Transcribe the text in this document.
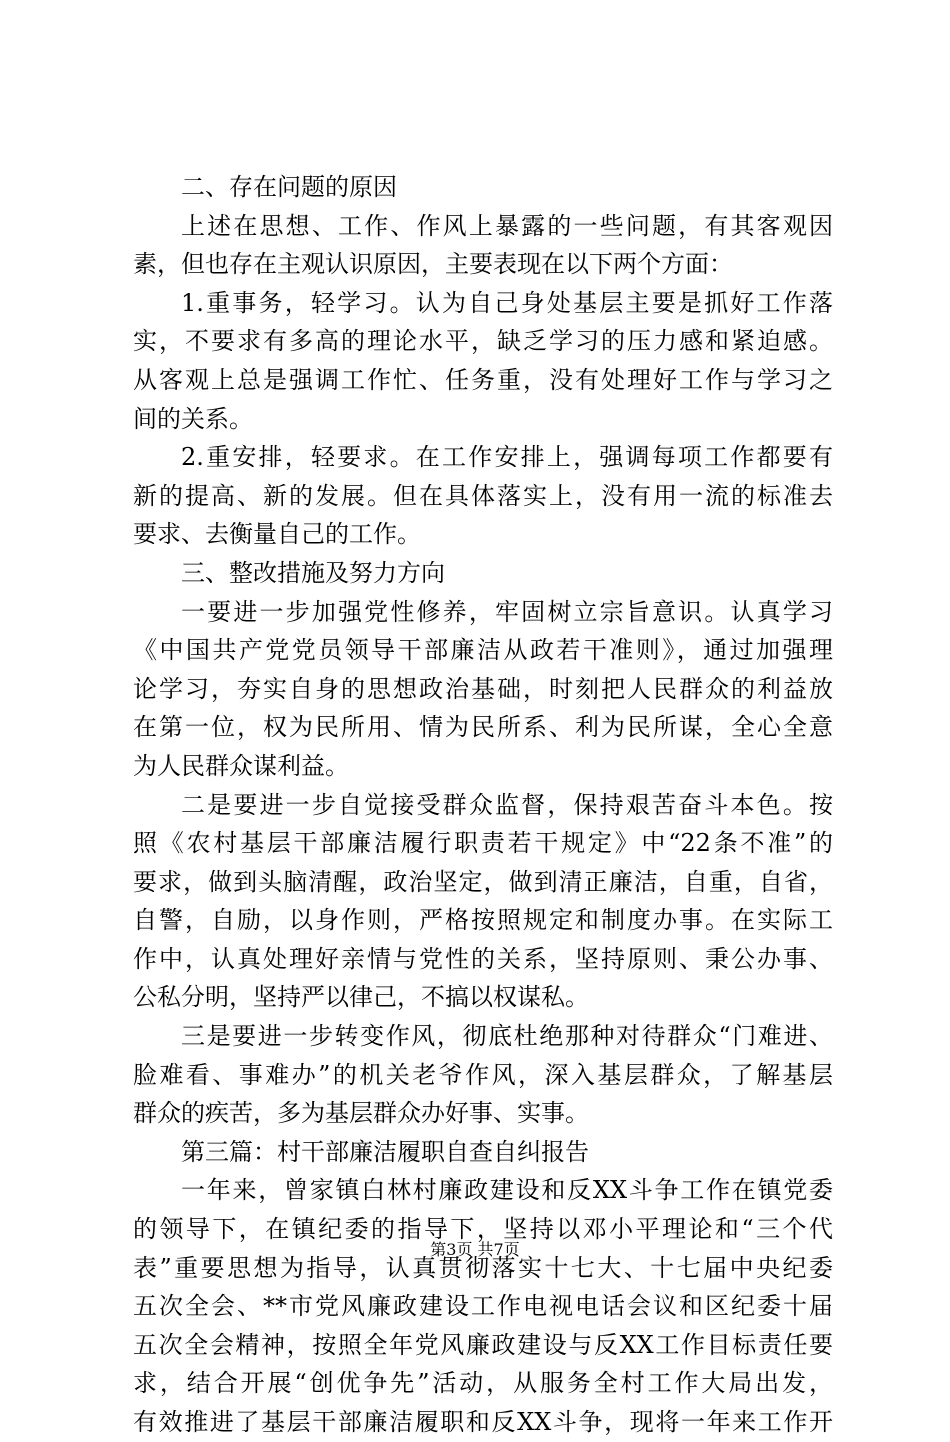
二、存在问题的原因
上述在思想、工作、作风上暴露的一些问题，有其客观因
素，但也存在主观认识原因，主要表现在以下两个方面：
1.重事务，轻学习。认为自己身处基层主要是抓好工作落
实，不要求有多高的理论水平，缺乏学习的压力感和紧迫感。
从客观上总是强调工作忙、任务重，没有处理好工作与学习之
间的关系。
2.重安排，轻要求。在工作安排上，强调每项工作都要有
新的提高、新的发展。但在具体落实上，没有用一流的标准去
要求、去衡量自己的工作。
三、整改措施及努力方向
一要进一步加强党性修养，牢固树立宗旨意识。认真学习
《中国共产党党员领导干部廉洁从政若干准则》，通过加强理
论学习，夯实自身的思想政治基础，时刻把人民群众的利益放
在第一位，权为民所用、情为民所系、利为民所谋，全心全意
为人民群众谋利益。
二是要进一步自觉接受群众监督，保持艰苦奋斗本色。按
照《农村基层干部廉洁履行职责若干规定》中“22条不准”的
要求，做到头脑清醒，政治坚定，做到清正廉洁，自重，自省，
自警，自励，以身作则，严格按照规定和制度办事。在实际工
作中，认真处理好亲情与党性的关系，坚持原则、秉公办事、
公私分明，坚持严以律己，不搞以权谋私。
三是要进一步转变作风，彻底杜绝那种对待群众“门难进、
脸难看、事难办”的机关老爷作风，深入基层群众，了解基层
群众的疾苦，多为基层群众办好事、实事。
第三篇：村干部廉洁履职自查自纠报告
一年来，曾家镇白林村廉政建设和反XX斗争工作在镇党委
的领导下，在镇纪委的指导下，坚持以邓小平理论和“三个代
表”重要思想为指导，认真贯彻落实十七大、十七届中央纪委
五次全会、**市党风廉政建设工作电视电话会议和区纪委十届
五次全会精神，按照全年党风廉政建设与反XX工作目标责任要
求，结合开展“创优争先”活动，从服务全村工作大局出发，
有效推进了基层干部廉洁履职和反XX斗争，现将一年来工作开
第3页 共7页
